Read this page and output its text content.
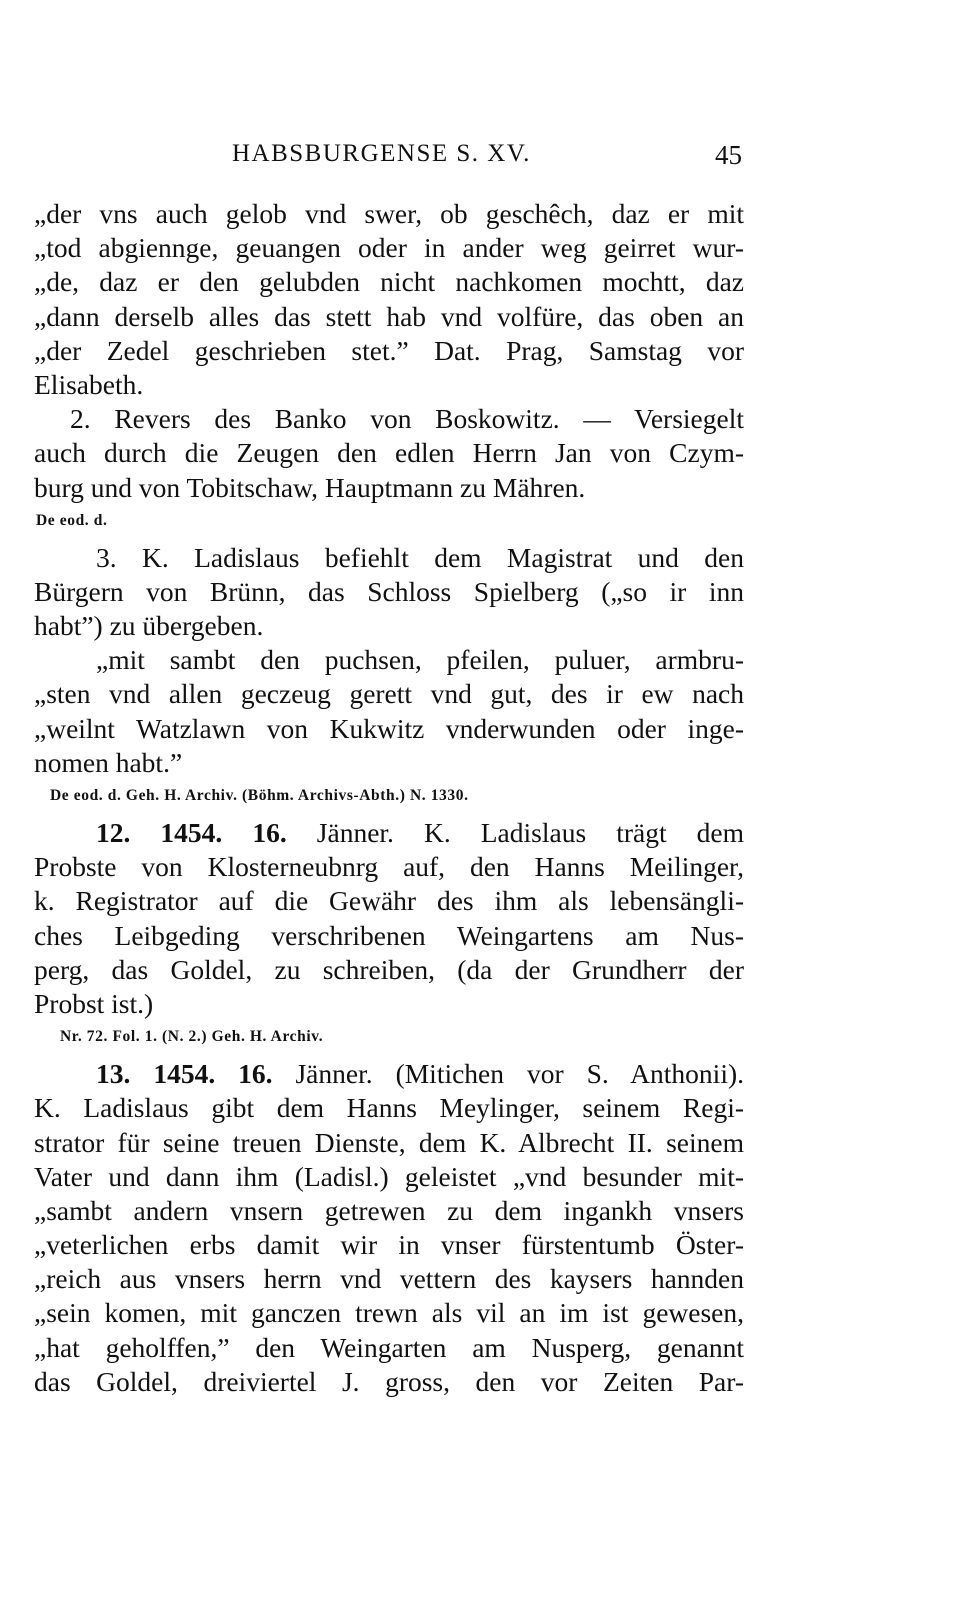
HABSBURGENSE S. XV.	45
„der vns auch gelob vnd swer, ob geschêch, daz er mit
„tod abgiennge, geuangen oder in ander weg geirret wur-
„de, daz er den gelubden nicht nachkomen mochtt, daz
„dann derselb alles das stett hab vnd volfüre, das oben an
„der Zedel geschrieben stet.” Dat. Prag, Samstag vor
Elisabeth.
2. Revers des Banko von Boskowitz. — Versiegelt
auch durch die Zeugen den edlen Herrn Jan von Czym-
burg und von Tobitschaw, Hauptmann zu Mähren.
De eod. d.
3. K. Ladislaus befiehlt dem Magistrat und den
Bürgern von Brünn, das Schloss Spielberg („so ir inn
habt”) zu übergeben.
„mit sambt den puchsen, pfeilen, puluer, armbru-
„sten vnd allen geczeug gerett vnd gut, des ir ew nach
„weilnt Watzlawn von Kukwitz vnderwunden oder inge-
nomen habt.”
De eod. d. Geh. H. Archiv. (Böhm. Archivs-Abth.) N. 1330.
12. 1454. 16. Jänner. K. Ladislaus trägt dem
Probste von Klosterneubnrg auf, den Hanns Meilinger,
k. Registrator auf die Gewähr des ihm als lebensängli-
ches Leibgeding verschribenen Weingartens am Nus-
perg, das Goldel, zu schreiben, (da der Grundherr der
Probst ist.)
Nr. 72. Fol. 1. (N. 2.) Geh. H. Archiv.
13. 1454. 16. Jänner. (Mitichen vor S. Anthonii).
K. Ladislaus gibt dem Hanns Meylinger, seinem Regi-
strator für seine treuen Dienste, dem K. Albrecht II. seinem
Vater und dann ihm (Ladisl.) geleistet „vnd besunder mit-
„sambt andern vnsern getrewen zu dem ingankh vnsers
„veterlichen erbs damit wir in vnser fürstentumb Öster-
„reich aus vnsers herrn vnd vettern des kaysers hannden
„sein komen, mit ganczen trewn als vil an im ist gewesen,
„hat geholffen,” den Weingarten am Nusperg, genannt
das Goldel, dreiviertel J. gross, den vor Zeiten Par-
